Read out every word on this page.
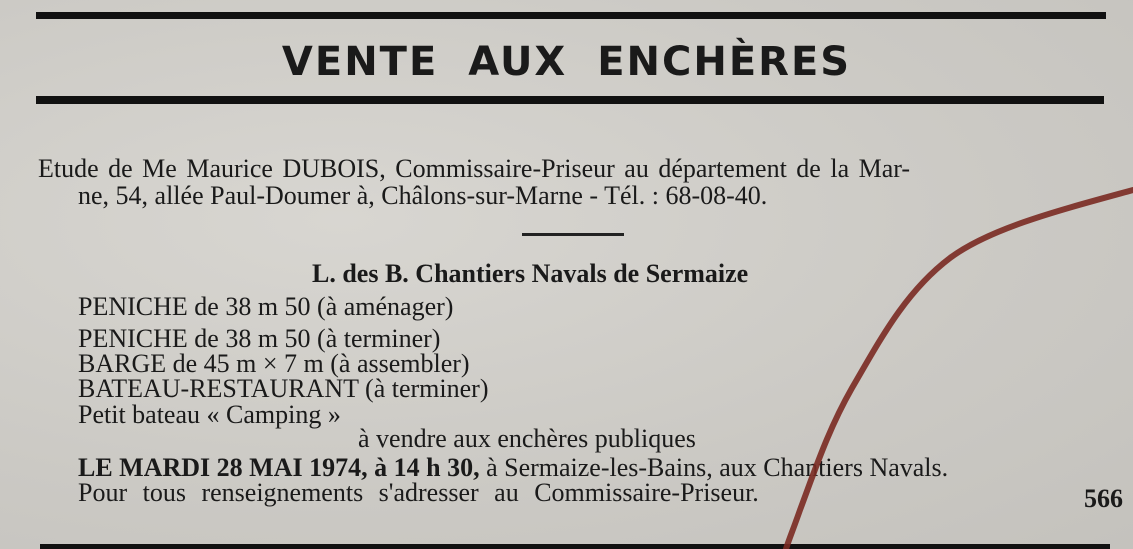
VENTE AUX ENCHÈRES
Etude de Me Maurice DUBOIS, Commissaire-Priseur au département de la Mar-
ne, 54, allée Paul-Doumer à, Châlons-sur-Marne - Tél. : 68-08-40.
L. des B. Chantiers Navals de Sermaize
PENICHE de 38 m 50 (à aménager)
PENICHE de 38 m 50 (à terminer)
BARGE de 45 m × 7 m (à assembler)
BATEAU-RESTAURANT (à terminer)
Petit bateau « Camping »
à vendre aux enchères publiques
LE MARDI 28 MAI 1974, à 14 h 30, à Sermaize-les-Bains, aux Chantiers Navals.
Pour tous renseignements s'adresser au Commissaire-Priseur.	566
